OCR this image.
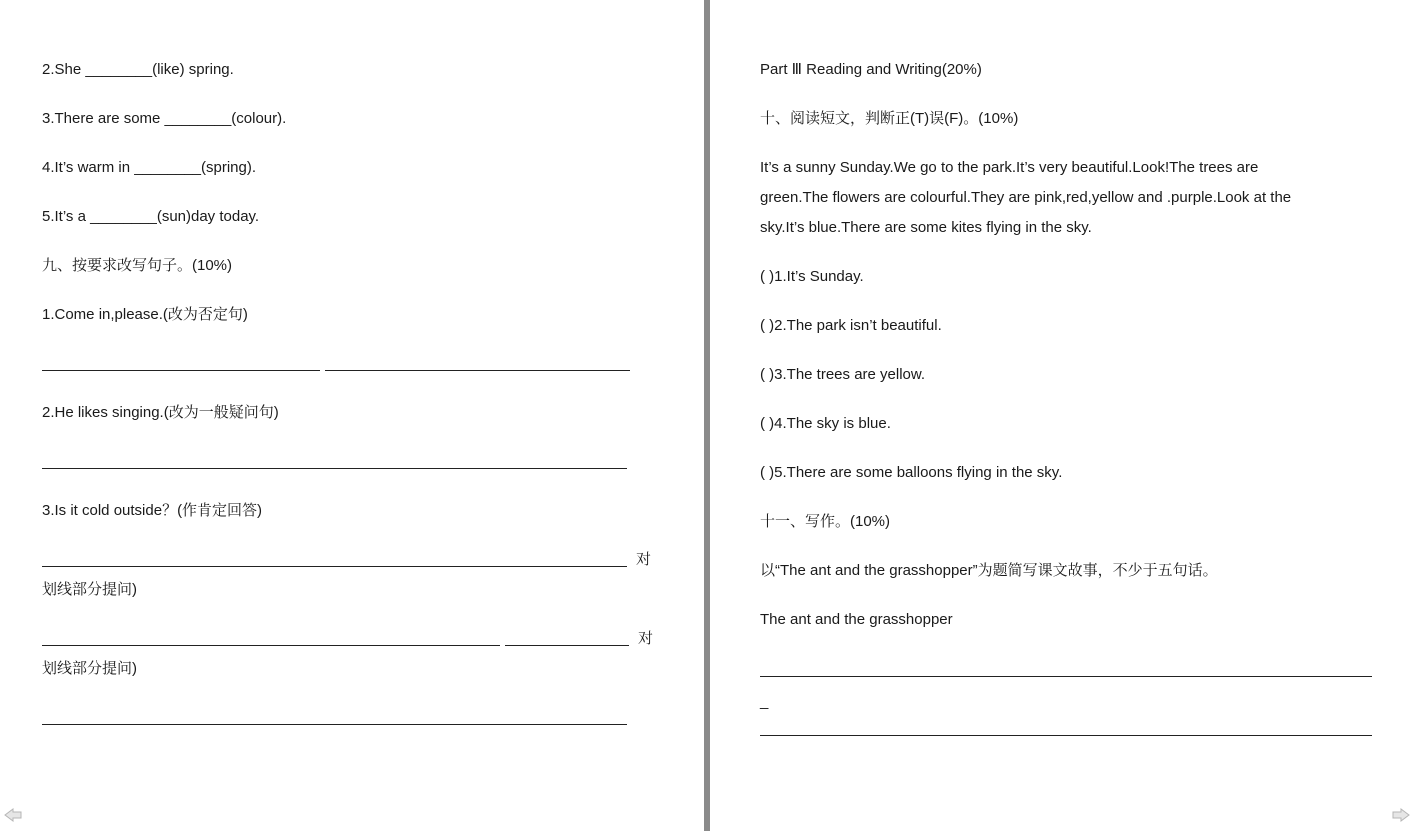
2.She ________(like) spring.
3.There are some ________(colour).
4.It’s warm in ________(spring).
5.It’s a ________(sun)day today.
九、按要求改写句子。(10%)
1.Come in,please.(改为否定句)
2.He likes singing.(改为一般疑问句)
3.Is it cold outside？(作肯定回答)
对
划线部分提问)
对
划线部分提问)
Part Ⅲ Reading and Writing(20%)
十、阅读短文，判断正(T)误(F)。(10%)
It’s a sunny Sunday.We go to the park.It’s very beautiful.Look!The trees are
green.The flowers are colourful.They are pink,red,yellow and .purple.Look at the
sky.It’s blue.There are some kites flying in the sky.
( )1.It’s Sunday.
( )2.The park isn’t beautiful.
( )3.The trees are yellow.
( )4.The sky is blue.
( )5.There are some balloons flying in the sky.
十一、写作。(10%)
以“The ant and the grasshopper”为题简写课文故事，不少于五句话。
The ant and the grasshopper
_
